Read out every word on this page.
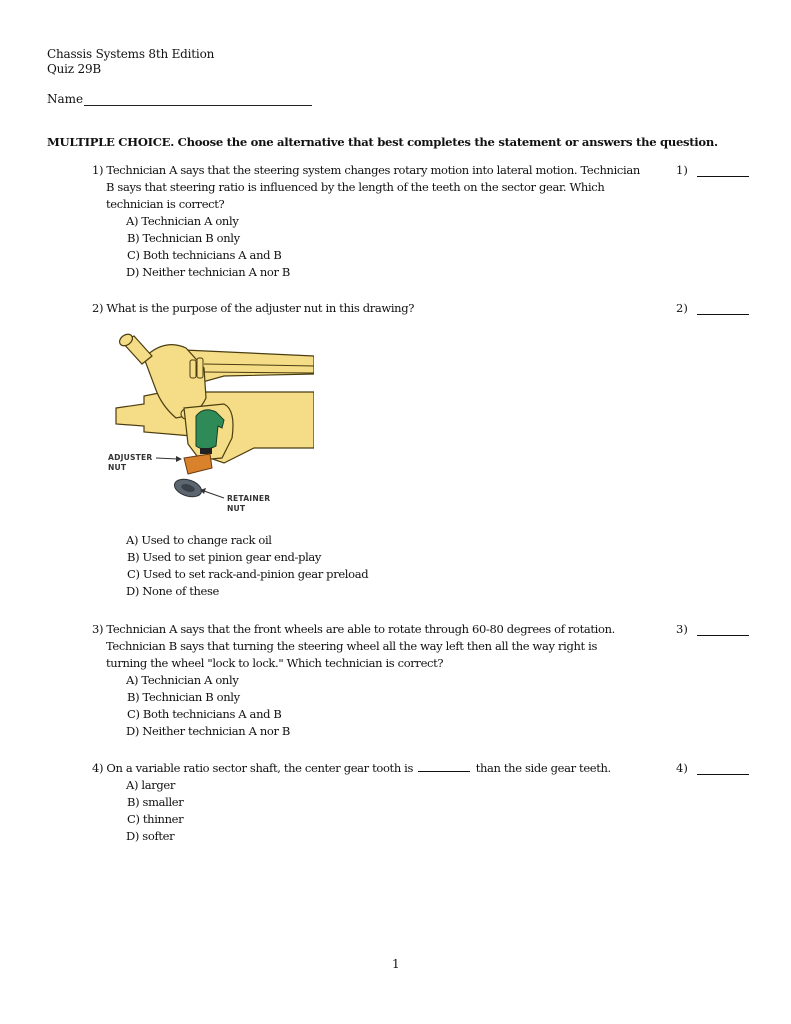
Chassis Systems 8th Edition
Quiz 29B
Name
MULTIPLE CHOICE. Choose the one alternative that best completes the statement or answers the question.
1) Technician A says that the steering system changes rotary motion into lateral motion. Technician
B says that steering ratio is influenced by the length of the teeth on the sector gear. Which
technician is correct?
A) Technician A only
B) Technician B only
C) Both technicians A and B
D) Neither technician A nor B
1)
2) What is the purpose of the adjuster nut in this drawing?	2)
ADJUSTER
NUT
RETAINER
NUT
A) Used to change rack oil
B) Used to set pinion gear end-play
C) Used to set rack-and-pinion gear preload
D) None of these
3) Technician A says that the front wheels are able to rotate through 60-80 degrees of rotation.
Technician B says that turning the steering wheel all the way left then all the way right is
turning the wheel "lock to lock." Which technician is correct?
A) Technician A only
B) Technician B only
C) Both technicians A and B
D) Neither technician A nor B
3)
4) On a variable ratio sector shaft, the center gear tooth is	than the side gear teeth.
A) larger
B) smaller
C) thinner
D) softer
4)
1
